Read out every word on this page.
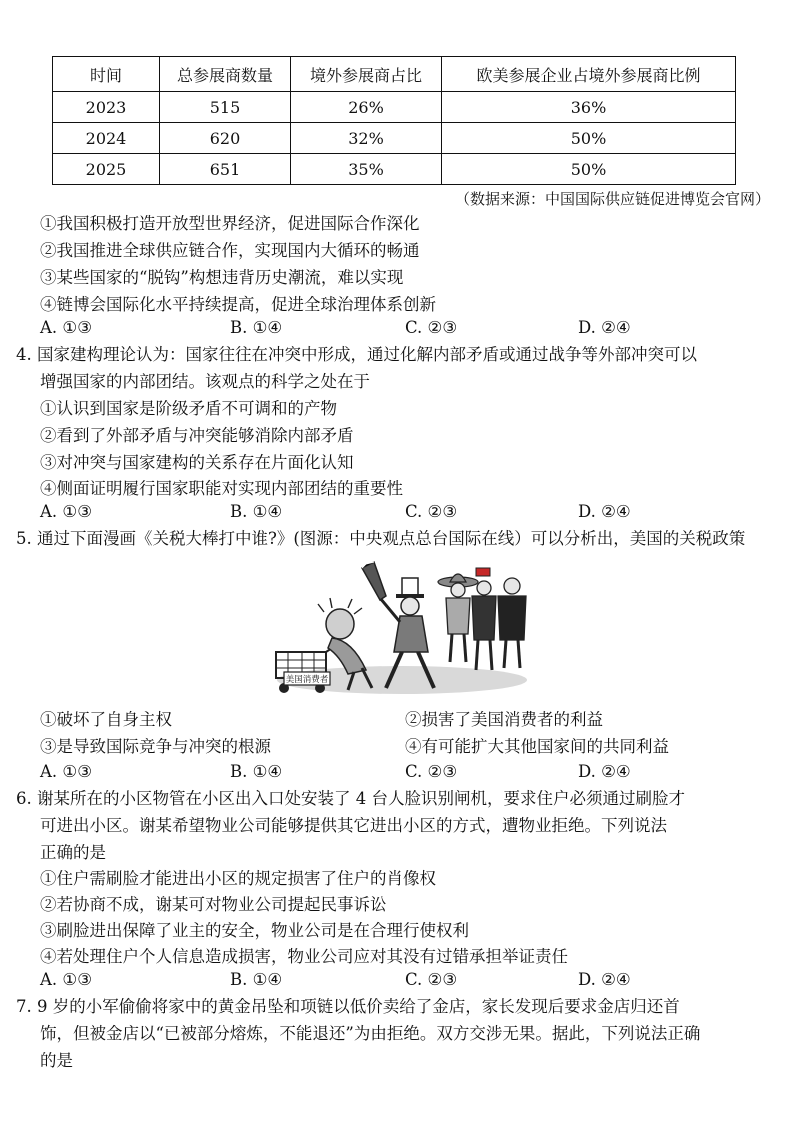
时间	总参展商数量	境外参展商占比	欧美参展企业占境外参展商比例
2023	515	26%	36%
2024	620	32%	50%
2025	651	35%	50%
（数据来源：中国国际供应链促进博览会官网）
①我国积极打造开放型世界经济，促进国际合作深化
②我国推进全球供应链合作，实现国内大循环的畅通
③某些国家的“脱钩”构想违背历史潮流，难以实现
④链博会国际化水平持续提高，促进全球治理体系创新
A. ①③	B. ①④	C. ②③	D. ②④
4. 国家建构理论认为：国家往往在冲突中形成，通过化解内部矛盾或通过战争等外部冲突可以
增强国家的内部团结。该观点的科学之处在于
①认识到国家是阶级矛盾不可调和的产物
②看到了外部矛盾与冲突能够消除内部矛盾
③对冲突与国家建构的关系存在片面化认知
④侧面证明履行国家职能对实现内部团结的重要性
A. ①③	B. ①④	C. ②③	D. ②④
5. 通过下面漫画《关税大棒打中谁?》(图源：中央观点总台国际在线）可以分析出，美国的关税政策
美国消费者
①破坏了自身主权	②损害了美国消费者的利益
③是导致国际竞争与冲突的根源	④有可能扩大其他国家间的共同利益
A. ①③	B. ①④	C. ②③	D. ②④
6. 谢某所在的小区物管在小区出入口处安装了 4 台人脸识别闸机，要求住户必须通过刷脸才
可进出小区。谢某希望物业公司能够提供其它进出小区的方式，遭物业拒绝。下列说法
正确的是
①住户需刷脸才能进出小区的规定损害了住户的肖像权
②若协商不成，谢某可对物业公司提起民事诉讼
③刷脸进出保障了业主的安全，物业公司是在合理行使权利
④若处理住户个人信息造成损害，物业公司应对其没有过错承担举证责任
A. ①③	B. ①④	C. ②③	D. ②④
7. 9 岁的小军偷偷将家中的黄金吊坠和项链以低价卖给了金店，家长发现后要求金店归还首
饰，但被金店以“已被部分熔炼，不能退还”为由拒绝。双方交涉无果。据此，下列说法正确
的是
